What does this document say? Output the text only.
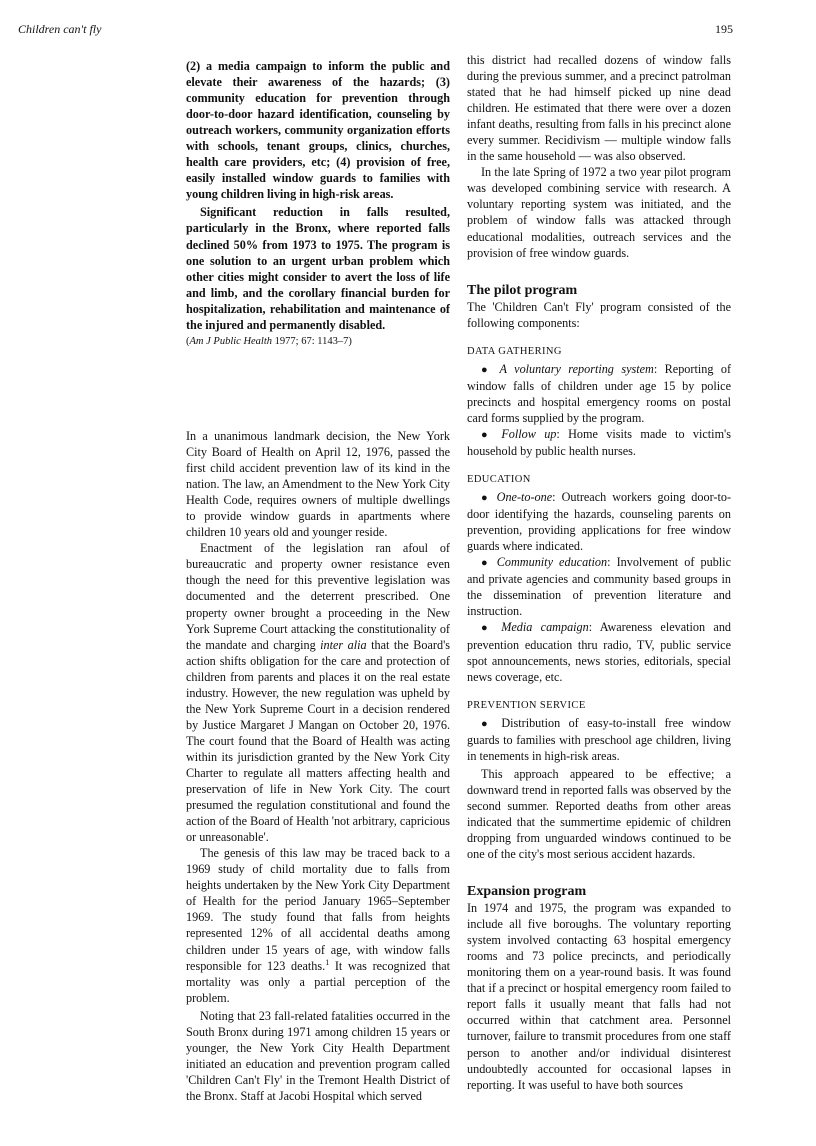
Children can't fly	195

(2) a media campaign to inform the public and elevate their awareness of the hazards; (3) community education for prevention through door-to-door hazard identification, counseling by outreach workers, community organization efforts with schools, tenant groups, clinics, churches, health care providers, etc; (4) provision of free, easily installed window guards to families with young children living in high-risk areas.

Significant reduction in falls resulted, particularly in the Bronx, where reported falls declined 50% from 1973 to 1975. The program is one solution to an urgent urban problem which other cities might consider to avert the loss of life and limb, and the corollary financial burden for hospitalization, rehabilitation and maintenance of the injured and permanently disabled.

(Am J Public Health 1977; 67: 1143–7)

In a unanimous landmark decision, the New York City Board of Health on April 12, 1976, passed the first child accident prevention law of its kind in the nation. The law, an Amendment to the New York City Health Code, requires owners of multiple dwellings to provide window guards in apartments where children 10 years old and younger reside.

Enactment of the legislation ran afoul of bureaucratic and property owner resistance even though the need for this preventive legislation was documented and the deterrent prescribed. One property owner brought a proceeding in the New York Supreme Court attacking the constitutionality of the mandate and charging inter alia that the Board's action shifts obligation for the care and protection of children from parents and places it on the real estate industry. However, the new regulation was upheld by the New York Supreme Court in a decision rendered by Justice Margaret J Mangan on October 20, 1976. The court found that the Board of Health was acting within its jurisdiction granted by the New York City Charter to regulate all matters affecting health and preservation of life in New York City. The court presumed the regulation constitutional and found the action of the Board of Health 'not arbitrary, capricious or unreasonable'.

The genesis of this law may be traced back to a 1969 study of child mortality due to falls from heights undertaken by the New York City Department of Health for the period January 1965–September 1969. The study found that falls from heights represented 12% of all accidental deaths among children under 15 years of age, with window falls responsible for 123 deaths.$^1$ It was recognized that mortality was only a partial perception of the problem.

Noting that 23 fall-related fatalities occurred in the South Bronx during 1971 among children 15 years or younger, the New York City Health Department initiated an education and prevention program called 'Children Can't Fly' in the Tremont Health District of the Bronx. Staff at Jacobi Hospital which served

this district had recalled dozens of window falls during the previous summer, and a precinct patrolman stated that he had himself picked up nine dead children. He estimated that there were over a dozen infant deaths, resulting from falls in his precinct alone every summer. Recidivism — multiple window falls in the same household — was also observed.

In the late Spring of 1972 a two year pilot program was developed combining service with research. A voluntary reporting system was initiated, and the problem of window falls was attacked through educational modalities, outreach services and the provision of free window guards.

The pilot program

The 'Children Can't Fly' program consisted of the following components:

DATA GATHERING

● A voluntary reporting system: Reporting of window falls of children under age 15 by police precincts and hospital emergency rooms on postal card forms supplied by the program.

● Follow up: Home visits made to victim's household by public health nurses.

EDUCATION

● One-to-one: Outreach workers going door-to-door identifying the hazards, counseling parents on prevention, providing applications for free window guards where indicated.

● Community education: Involvement of public and private agencies and community based groups in the dissemination of prevention literature and instruction.

● Media campaign: Awareness elevation and prevention education thru radio, TV, public service spot announcements, news stories, editorials, special news coverage, etc.

PREVENTION SERVICE

● Distribution of easy-to-install free window guards to families with preschool age children, living in tenements in high-risk areas.

This approach appeared to be effective; a downward trend in reported falls was observed by the second summer. Reported deaths from other areas indicated that the summertime epidemic of children dropping from unguarded windows continued to be one of the city's most serious accident hazards.

Expansion program

In 1974 and 1975, the program was expanded to include all five boroughs. The voluntary reporting system involved contacting 63 hospital emergency rooms and 73 police precincts, and periodically monitoring them on a year-round basis. It was found that if a precinct or hospital emergency room failed to report falls it usually meant that falls had not occurred within that catchment area. Personnel turnover, failure to transmit procedures from one staff person to another and/or individual disinterest undoubtedly accounted for occasional lapses in reporting. It was useful to have both sources
